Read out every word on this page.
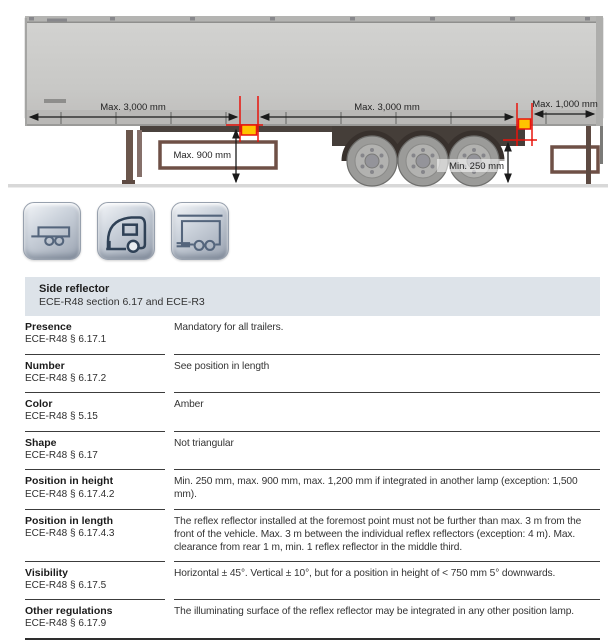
Max. 3,000 mm	Max. 3,000 mm	Max. 1,000 mm
Max. 900 mm
Min. 250 mm
Side reflector
ECE-R48 section 6.17 and ECE-R3
Presence
ECE-R48 § 6.17.1
Mandatory for all trailers.
Number
ECE-R48 § 6.17.2
See position in length
Color
ECE-R48 § 5.15
Amber
Shape
ECE-R48 § 6.17
Not triangular
Position in height
ECE-R48 § 6.17.4.2
Min. 250 mm, max. 900 mm, max. 1,200 mm if integrated in another lamp (exception: 1,500 mm).
Position in length
ECE-R48 § 6.17.4.3
The reflex reflector installed at the foremost point must not be further than max. 3 m from the front of the vehicle. Max. 3 m between the individual reflex reflectors (exception: 4 m). Max. clearance from rear 1 m, min. 1 reflex reflector in the middle third.
Visibility
ECE-R48 § 6.17.5
Horizontal ± 45°. Vertical ± 10°, but for a position in height of < 750 mm 5° downwards.
Other regulations
ECE-R48 § 6.17.9
The illuminating surface of the reflex reflector may be integrated in any other position lamp.
